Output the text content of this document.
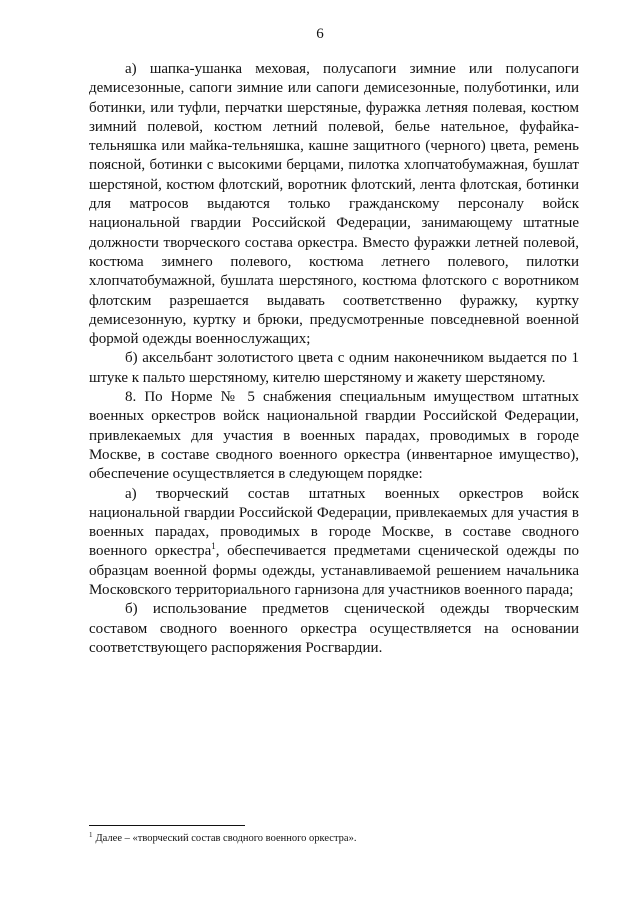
6

а) шапка-ушанка меховая, полусапоги зимние или полусапоги демисезонные, сапоги зимние или сапоги демисезонные, полуботинки, или ботинки, или туфли, перчатки шерстяные, фуражка летняя полевая, костюм зимний полевой, костюм летний полевой, белье нательное, фуфайка-тельняшка или майка-тельняшка, кашне защитного (черного) цвета, ремень поясной, ботинки с высокими берцами, пилотка хлопчатобумажная, бушлат шерстяной, костюм флотский, воротник флотский, лента флотская, ботинки для матросов выдаются только гражданскому персоналу войск национальной гвардии Российской Федерации, занимающему штатные должности творческого состава оркестра. Вместо фуражки летней полевой, костюма зимнего полевого, костюма летнего полевого, пилотки хлопчатобумажной, бушлата шерстяного, костюма флотского с воротником флотским разрешается выдавать соответственно фуражку, куртку демисезонную, куртку и брюки, предусмотренные повседневной военной формой одежды военнослужащих;

б) аксельбант золотистого цвета с одним наконечником выдается по 1 штуке к пальто шерстяному, кителю шерстяному и жакету шерстяному.

8. По Норме № 5 снабжения специальным имуществом штатных военных оркестров войск национальной гвардии Российской Федерации, привлекаемых для участия в военных парадах, проводимых в городе Москве, в составе сводного военного оркестра (инвентарное имущество), обеспечение осуществляется в следующем порядке:

а) творческий состав штатных военных оркестров войск национальной гвардии Российской Федерации, привлекаемых для участия в военных парадах, проводимых в городе Москве, в составе сводного военного оркестра$^1$, обеспечивается предметами сценической одежды по образцам военной формы одежды, устанавливаемой решением начальника Московского территориального гарнизона для участников военного парада;

б) использование предметов сценической одежды творческим составом сводного военного оркестра осуществляется на основании соответствующего распоряжения Росгвардии.

$^1$ Далее – «творческий состав сводного военного оркестра».
